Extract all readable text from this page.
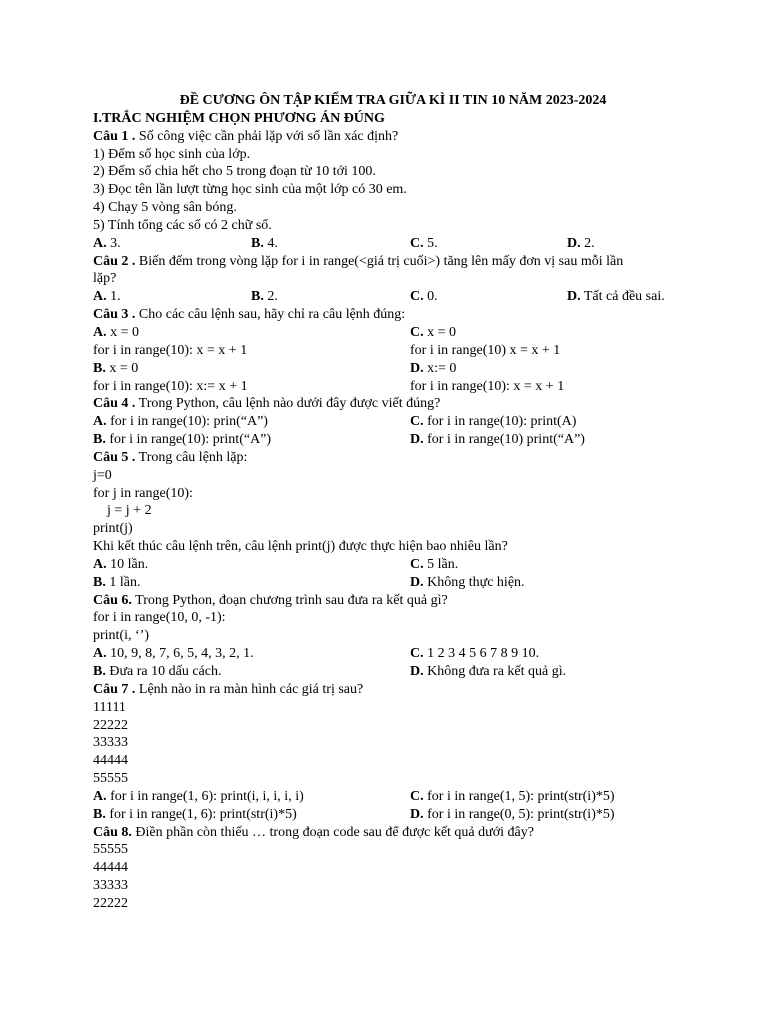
ĐỀ CƯƠNG ÔN TẬP KIỂM TRA GIỮA KÌ II TIN 10 NĂM 2023-2024
I.TRẮC NGHIỆM CHỌN PHƯƠNG ÁN ĐÚNG
Câu 1 . Số công việc cần phải lặp với số lần xác định?
1) Đếm số học sinh của lớp.
2) Đếm số chia hết cho 5 trong đoạn từ 10 tới 100.
3) Đọc tên lần lượt từng học sinh của một lớp có 30 em.
4) Chạy 5 vòng sân bóng.
5) Tính tổng các số có 2 chữ số.
A. 3.	B. 4.	C. 5.	D. 2.
Câu 2 . Biến đếm trong vòng lặp for i in range(<giá trị cuối>) tăng lên mấy đơn vị sau mỗi lần
lặp?
A. 1.	B. 2.	C. 0.	D. Tất cả đều sai.
Câu 3 . Cho các câu lệnh sau, hãy chỉ ra câu lệnh đúng:
A. x = 0	C. x = 0
for i in range(10): x = x + 1	for i in range(10) x = x + 1
B. x = 0	D. x:= 0
for i in range(10): x:= x + 1	for i in range(10): x = x + 1
Câu 4 . Trong Python, câu lệnh nào dưới đây được viết đúng?
A. for i in range(10): prin(“A”)	C. for i in range(10): print(A)
B. for i in range(10): print(“A”)	D. for i in range(10) print(“A”)
Câu 5 . Trong câu lệnh lặp:
j=0
for j in range(10):
j = j + 2
print(j)
Khi kết thúc câu lệnh trên, câu lệnh print(j) được thực hiện bao nhiêu lần?
A. 10 lần.	C. 5 lần.
B. 1 lần.	D. Không thực hiện.
Câu 6. Trong Python, đoạn chương trình sau đưa ra kết quả gì?
for i in range(10, 0, -1):
print(i, ‘’)
A. 10, 9, 8, 7, 6, 5, 4, 3, 2, 1.	C. 1 2 3 4 5 6 7 8 9 10.
B. Đưa ra 10 dấu cách.	D. Không đưa ra kết quả gì.
Câu 7 . Lệnh nào in ra màn hình các giá trị sau?
11111
22222
33333
44444
55555
A. for i in range(1, 6): print(i, i, i, i, i)	C. for i in range(1, 5): print(str(i)*5)
B. for i in range(1, 6): print(str(i)*5)	D. for i in range(0, 5): print(str(i)*5)
Câu 8. Điền phần còn thiếu … trong đoạn code sau để được kết quả dưới đây?
55555
44444
33333
22222
